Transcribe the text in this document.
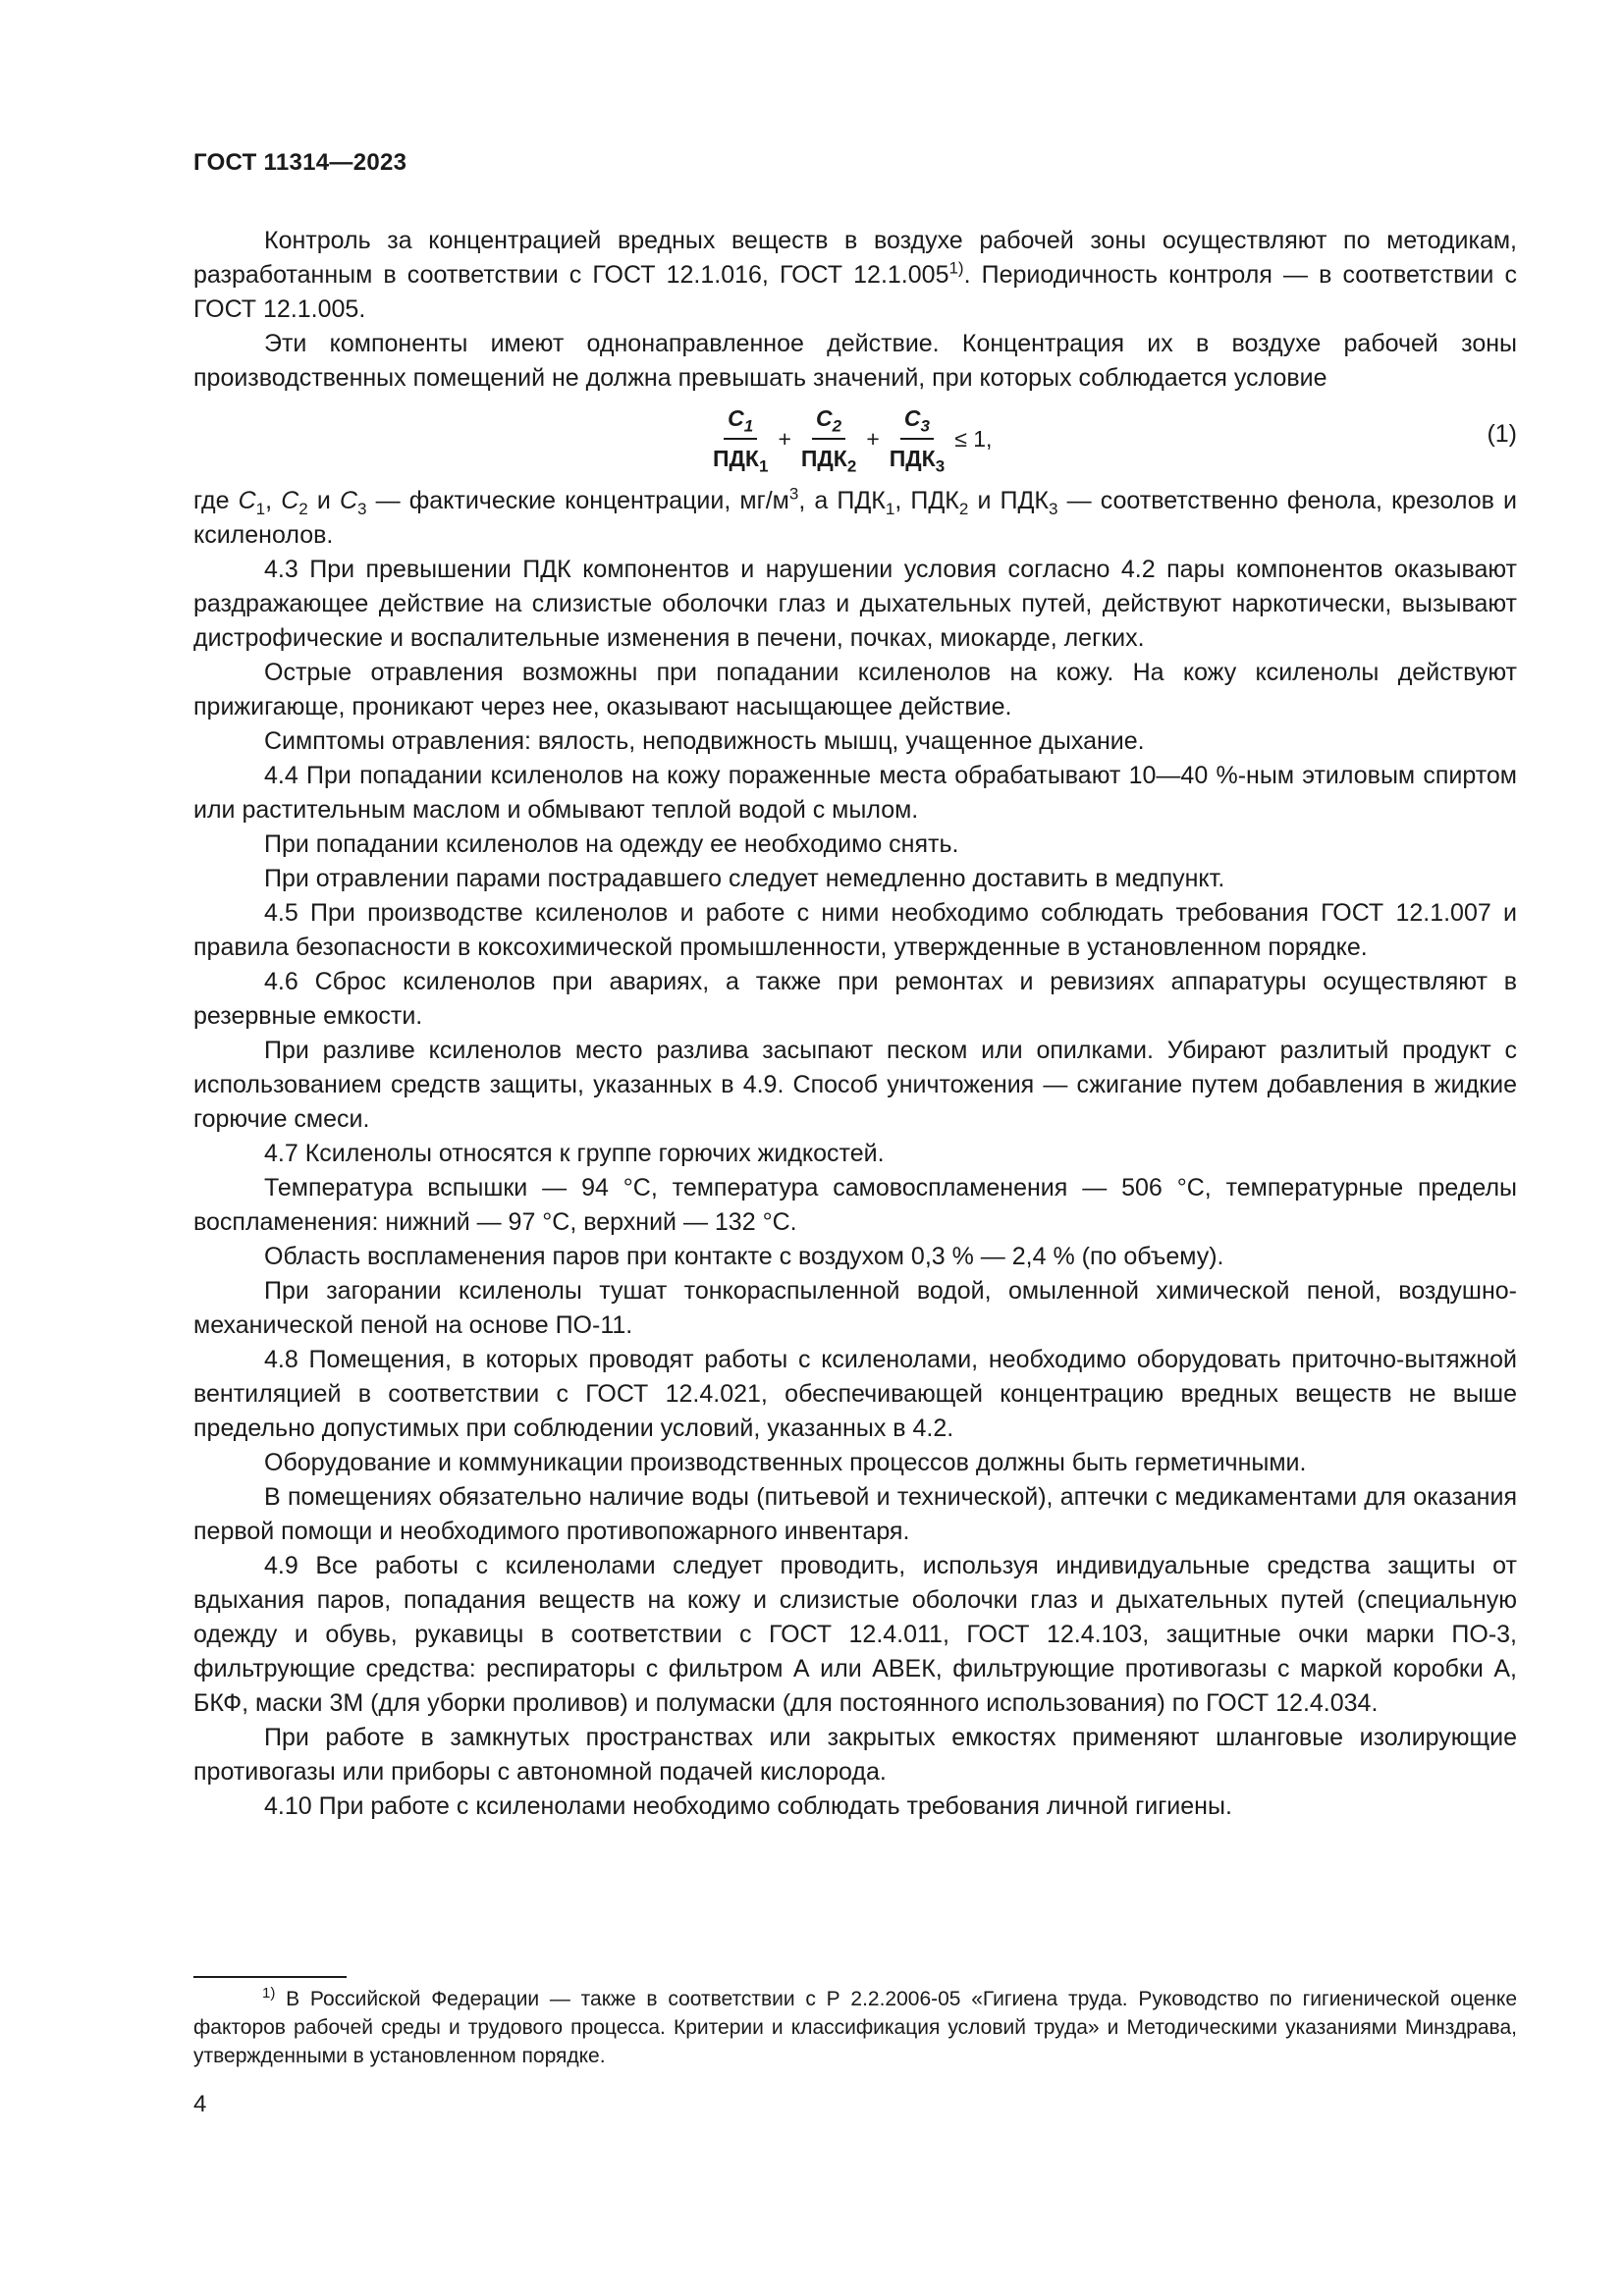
ГОСТ 11314—2023

Контроль за концентрацией вредных веществ в воздухе рабочей зоны осуществляют по методикам, разработанным в соответствии с ГОСТ 12.1.016, ГОСТ 12.1.005$^{1)}$. Периодичность контроля — в соответствии с ГОСТ 12.1.005.

Эти компоненты имеют однонаправленное действие. Концентрация их в воздухе рабочей зоны производственных помещений не должна превышать значений, при которых соблюдается условие

$\frac{C_1}{ПДК_1} + \frac{C_2}{ПДК_2} + \frac{C_3}{ПДК_3} \le 1$,	(1)

где $C_1$, $C_2$ и $C_3$ — фактические концентрации, $мг/м^3$, а $ПДК_1$, $ПДК_2$ и $ПДК_3$ — соответственно фенола, крезолов и ксиленолов.

4.3 При превышении ПДК компонентов и нарушении условия согласно 4.2 пары компонентов оказывают раздражающее действие на слизистые оболочки глаз и дыхательных путей, действуют наркотически, вызывают дистрофические и воспалительные изменения в печени, почках, миокарде, легких.

Острые отравления возможны при попадании ксиленолов на кожу. На кожу ксиленолы действуют прижигающе, проникают через нее, оказывают насыщающее действие.

Симптомы отравления: вялость, неподвижность мышц, учащенное дыхание.

4.4 При попадании ксиленолов на кожу пораженные места обрабатывают 10—40 %-ным этиловым спиртом или растительным маслом и обмывают теплой водой с мылом.

При попадании ксиленолов на одежду ее необходимо снять.

При отравлении парами пострадавшего следует немедленно доставить в медпункт.

4.5 При производстве ксиленолов и работе с ними необходимо соблюдать требования ГОСТ 12.1.007 и правила безопасности в коксохимической промышленности, утвержденные в установленном порядке.

4.6 Сброс ксиленолов при авариях, а также при ремонтах и ревизиях аппаратуры осуществляют в резервные емкости.

При разливе ксиленолов место разлива засыпают песком или опилками. Убирают разлитый продукт с использованием средств защиты, указанных в 4.9. Способ уничтожения — сжигание путем добавления в жидкие горючие смеси.

4.7 Ксиленолы относятся к группе горючих жидкостей.

Температура вспышки — 94 °С, температура самовоспламенения — 506 °С, температурные пределы воспламенения: нижний — 97 °С, верхний — 132 °С.

Область воспламенения паров при контакте с воздухом 0,3 % — 2,4 % (по объему).

При загорании ксиленолы тушат тонкораспыленной водой, омыленной химической пеной, воздушно-механической пеной на основе ПО-11.

4.8 Помещения, в которых проводят работы с ксиленолами, необходимо оборудовать приточно-вытяжной вентиляцией в соответствии с ГОСТ 12.4.021, обеспечивающей концентрацию вредных веществ не выше предельно допустимых при соблюдении условий, указанных в 4.2.

Оборудование и коммуникации производственных процессов должны быть герметичными.

В помещениях обязательно наличие воды (питьевой и технической), аптечки с медикаментами для оказания первой помощи и необходимого противопожарного инвентаря.

4.9 Все работы с ксиленолами следует проводить, используя индивидуальные средства защиты от вдыхания паров, попадания веществ на кожу и слизистые оболочки глаз и дыхательных путей (специальную одежду и обувь, рукавицы в соответствии с ГОСТ 12.4.011, ГОСТ 12.4.103, защитные очки марки ПО-3, фильтрующие средства: респираторы с фильтром А или АВЕК, фильтрующие противогазы с маркой коробки А, БКФ, маски 3М (для уборки проливов) и полумаски (для постоянного использования) по ГОСТ 12.4.034.

При работе в замкнутых пространствах или закрытых емкостях применяют шланговые изолирующие противогазы или приборы с автономной подачей кислорода.

4.10 При работе с ксиленолами необходимо соблюдать требования личной гигиены.

$^{1)}$ В Российской Федерации — также в соответствии с Р 2.2.2006-05 «Гигиена труда. Руководство по гигиенической оценке факторов рабочей среды и трудового процесса. Критерии и классификация условий труда» и Методическими указаниями Минздрава, утвержденными в установленном порядке.
4
